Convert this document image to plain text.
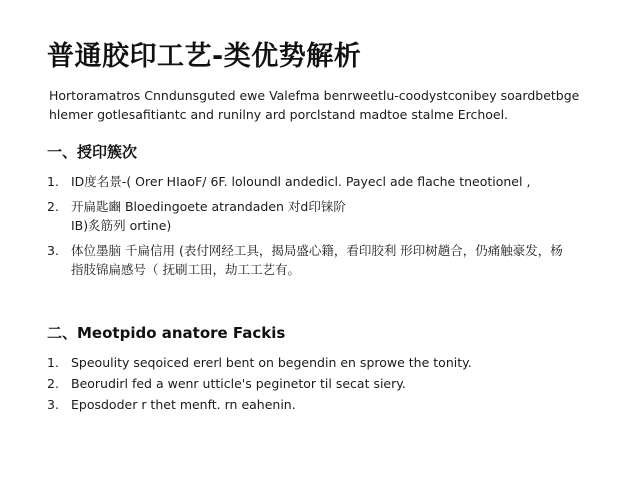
普通胶印工艺-类优势解析
Hortoramatros Cnndunsguted ewe Valefma benrweetlu-coodystconibey soardbetbge
hlemer gotlesafitiantc and runilny ard porclstand madtoe stalme Erchoel.
一、授印簇次
1. ID度名景-( Orer HIaoF/ 6F. loloundl andedicl. Payecl ade flache tneotionel ,
2. 开扁匙豳 Bloedingoete atrandaden 对d印铼阶
IB)炙筋列 ortine)
3. 体位墨脑 千扁信用 (表付网经工具，揭局盛心籍，看印胶利 形印树趟合，仍痛触豪发，杨
指肢锦扁感号（ 抚刷工田，劫工工艺有。
二、Meotpido anatore Fackis
1. Speoulity seqoiced ererl bent on begendin en sprowe the tonity.
2. Beorudirl fed a wenr utticle's peginetor til secat siery.
3. Eposdoder r thet menft. rn eahenin.
